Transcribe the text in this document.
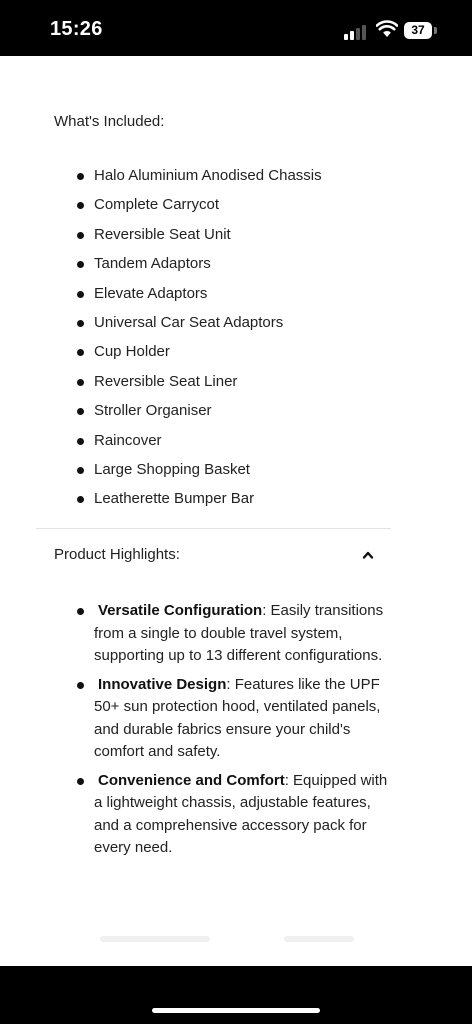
15:26	37
What's Included:
Halo Aluminium Anodised Chassis
Complete Carrycot
Reversible Seat Unit
Tandem Adaptors
Elevate Adaptors
Universal Car Seat Adaptors
Cup Holder
Reversible Seat Liner
Stroller Organiser
Raincover
Large Shopping Basket
Leatherette Bumper Bar
Product Highlights:
Versatile Configuration: Easily transitions from a single to double travel system, supporting up to 13 different configurations.
Innovative Design: Features like the UPF 50+ sun protection hood, ventilated panels, and durable fabrics ensure your child's comfort and safety.
Convenience and Comfort: Equipped with a lightweight chassis, adjustable features, and a comprehensive accessory pack for every need.
